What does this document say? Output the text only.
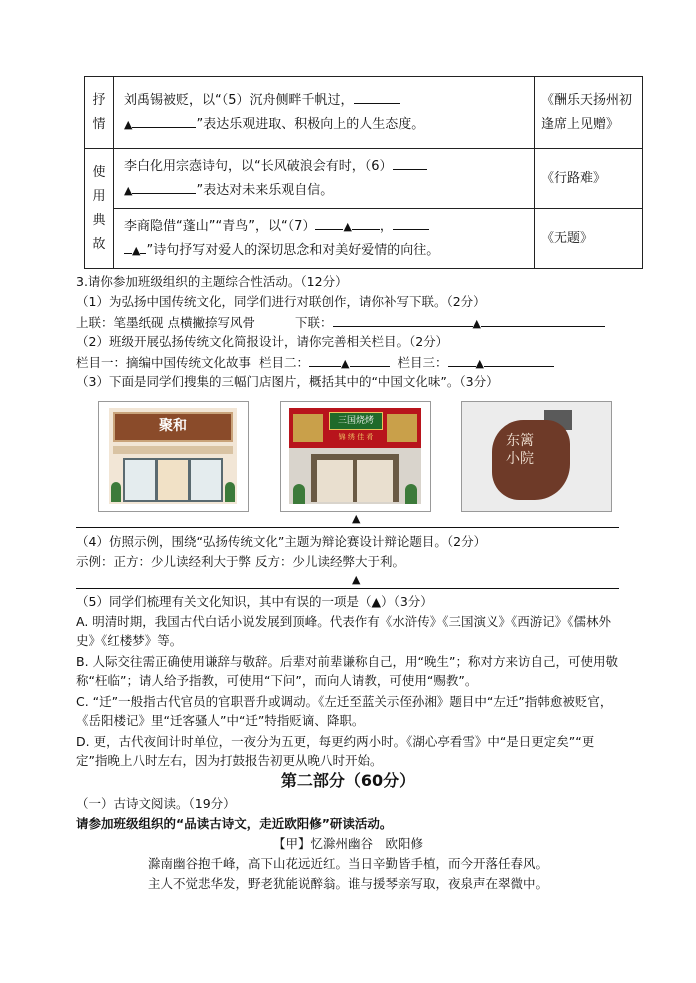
抒情	刘禹锡被贬，以“（5）沉舟侧畔千帆过，
▲ ”表达乐观进取、积极向上的人生态度。	《酬乐天扬州初逢席上见赠》
使用典故	李白化用宗悫诗句，以“长风破浪会有时，（6）
▲ ”表达对未来乐观自信。	《行路难》
	李商隐借“蓬山”“青鸟”，以“（7） ▲ ，
▲ ”诗句抒写对爱人的深切思念和对美好爱情的向往。	《无题》
3.请你参加班级组织的主题综合性活动。（12分）
（1）为弘扬中国传统文化，同学们进行对联创作，请你补写下联。（2分）
上联：笔墨纸砚 点横撇捺写风骨	下联：	▲
（2）班级开展弘扬传统文化简报设计，请你完善相关栏目。（2分）
栏目一：摘编中国传统文化故事 栏目二：	▲	栏目三：	▲
（3）下面是同学们搜集的三幅门店图片，概括其中的“中国文化味”。（3分）
聚和	三国烧烤
锦 绣 佳 肴	东篱小院
▲
（4）仿照示例，围绕“弘扬传统文化”主题为辩论赛设计辩论题目。（2分）
示例：正方：少儿读经利大于弊 反方：少儿读经弊大于利。
▲
（5）同学们梳理有关文化知识，其中有误的一项是（▲）（3分）
A. 明清时期，我国古代白话小说发展到顶峰。代表作有《水浒传》《三国演义》《西游记》《儒林外史》《红楼梦》等。
B. 人际交往需正确使用谦辞与敬辞。后辈对前辈谦称自己，用“晚生”；称对方来访自己，可使用敬称“枉临”；请人给予指教，可使用“下问”，而向人请教，可使用“赐教”。
C. “迁”一般指古代官员的官职晋升或调动。《左迁至蓝关示侄孙湘》题目中“左迁”指韩愈被贬官，《岳阳楼记》里“迁客骚人”中“迁”特指贬谪、降职。
D. 更，古代夜间计时单位，一夜分为五更，每更约两小时。《湖心亭看雪》中“是日更定矣”“更定”指晚上八时左右，因为打鼓报告初更从晚八时开始。
第二部分（60分）
（一）古诗文阅读。（19分）
请参加班级组织的“品读古诗文，走近欧阳修”研读活动。
【甲】忆滁州幽谷　欧阳修
滁南幽谷抱千峰，高下山花远近红。当日辛勤皆手植，而今开落任春风。
主人不觉悲华发，野老犹能说醉翁。谁与援琴亲写取，夜泉声在翠微中。
